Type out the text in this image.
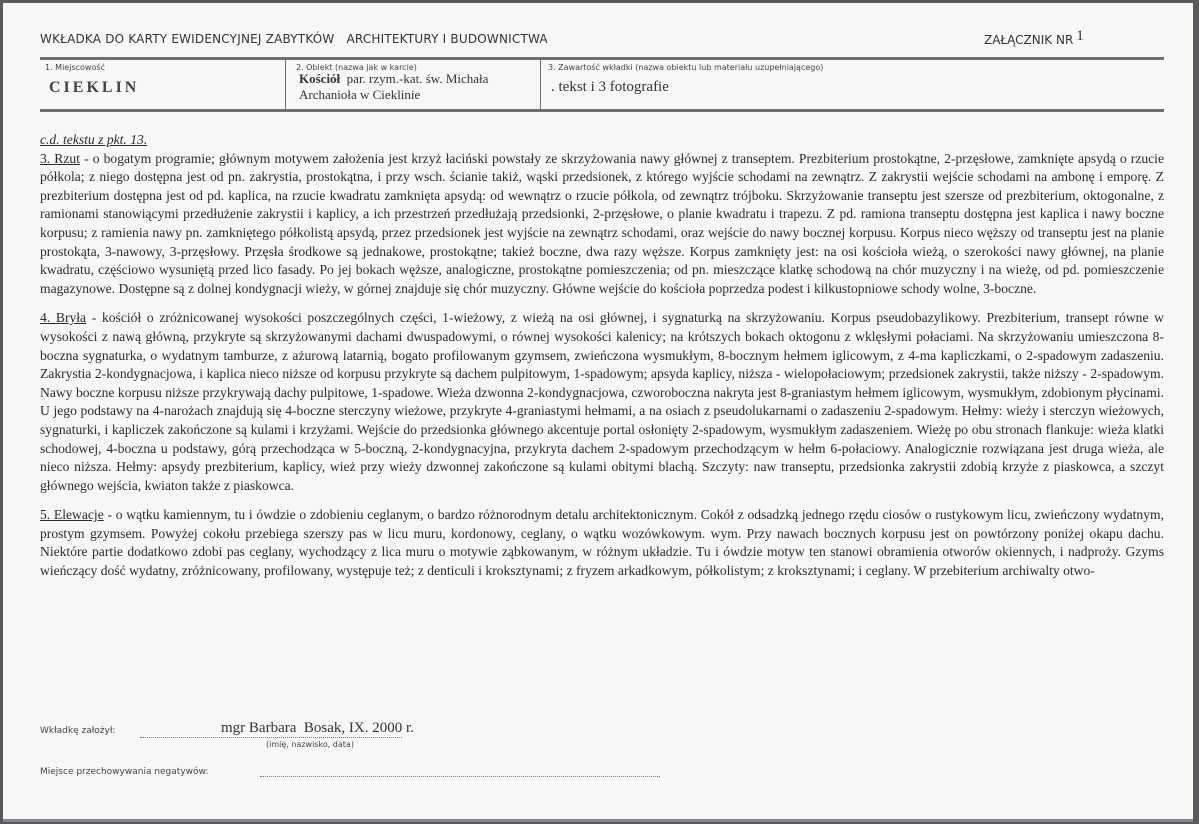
WKŁADKA DO KARTY EWIDENCYJNEJ ZABYTKÓW   ARCHITEKTURY I BUDOWNICTWA	ZAŁĄCZNIK NR 1
1. Miejscowość
CIEKLIN
2. Obiekt (nazwa jak w karcie)
Kościół  par. rzym.-kat. św. Michała
Archanioła w Cieklinie
3. Zawartość wkładki (nazwa obiektu lub materiału uzupełniającego)
. tekst i 3 fotografie

c.d. tekstu z pkt. 13.

3. Rzut - o bogatym programie; głównym motywem założenia jest krzyż łaciński powstały ze skrzyżowania nawy głównej z transeptem. Prezbiterium prostokątne, 2-przęsłowe, zamknięte apsydą o rzucie półkola; z niego dostępna jest od pn. zakrystia, prostokątna, i przy wsch. ścianie takiż, wąski przedsionek, z którego wyjście schodami na zewnątrz. Z zakrystii wejście schodami na ambonę i emporę. Z prezbiterium dostępna jest od pd. kaplica, na rzucie kwadratu zamknięta apsydą: od wewnątrz o rzucie półkola, od zewnątrz trójboku. Skrzyżowanie transeptu jest szersze od prezbiterium, oktogonalne, z ramionami stanowiącymi przedłużenie zakrystii i kaplicy, a ich przestrzeń przedłużają przedsionki, 2-przęsłowe, o planie kwadratu i trapezu. Z pd. ramiona transeptu dostępna jest kaplica i nawy boczne korpusu; z ramienia nawy pn. zamkniętego półkolistą apsydą, przez przedsionek jest wyjście na zewnątrz schodami, oraz wejście do nawy bocznej korpusu. Korpus nieco węższy od transeptu jest na planie prostokąta, 3-nawowy, 3-przęsłowy. Przęsła środkowe są jednakowe, prostokątne; takież boczne, dwa razy węższe. Korpus zamknięty jest: na osi kościoła wieżą, o szerokości nawy głównej, na planie kwadratu, częściowo wysuniętą przed lico fasady. Po jej bokach węższe, analogiczne, prostokątne pomieszczenia; od pn. mieszczące klatkę schodową na chór muzyczny i na wieżę, od pd. pomieszczenie magazynowe. Dostępne są z dolnej kondygnacji wieży, w górnej znajduje się chór muzyczny. Główne wejście do kościoła poprzedza podest i kilkustopniowe schody wolne, 3-boczne.

4. Bryła - kościół o zróżnicowanej wysokości poszczególnych części, 1-wieżowy, z wieżą na osi głównej, i sygnaturką na skrzyżowaniu. Korpus pseudobazylikowy. Prezbiterium, transept równe w wysokości z nawą główną, przykryte są skrzyżowanymi dachami dwuspadowymi, o równej wysokości kalenicy; na krótszych bokach oktogonu z wklęsłymi połaciami. Na skrzyżowaniu umieszczona 8-boczna sygnaturka, o wydatnym tamburze, z ażurową latarnią, bogato profilowanym gzymsem, zwieńczona wysmukłym, 8-bocznym hełmem iglicowym, z 4-ma kapliczkami, o 2-spadowym zadaszeniu. Zakrystia 2-kondygnacjowa, i kaplica nieco niższe od korpusu przykryte są dachem pulpitowym, 1-spadowym; apsyda kaplicy, niższa - wielopołaciowym; przedsionek zakrystii, także niższy - 2-spadowym. Nawy boczne korpusu niższe przykrywają dachy pulpitowe, 1-spadowe. Wieża dzwonna 2-kondygnacjowa, czworoboczna nakryta jest 8-graniastym hełmem iglicowym, wysmukłym, zdobionym płycinami. U jego podstawy na 4-narożach znajdują się 4-boczne sterczyny wieżowe, przykryte 4-graniastymi hełmami, a na osiach z pseudolukarnami o zadaszeniu 2-spadowym. Hełmy: wieży i sterczyn wieżowych, sygnaturki, i kapliczek zakończone są kulami i krzyżami. Wejście do przedsionka głównego akcentuje portal osłonięty 2-spadowym, wysmukłym zadaszeniem. Wieżę po obu stronach flankuje: wieża klatki schodowej, 4-boczna u podstawy, górą przechodząca w 5-boczną, 2-kondygnacyjna, przykryta dachem 2-spadowym przechodzącym w hełm 6-połaciowy. Analogicznie rozwiązana jest druga wieża, ale nieco niższa. Hełmy: apsydy prezbiterium, kaplicy, wież przy wieży dzwonnej zakończone są kulami obitymi blachą. Szczyty: naw transeptu, przedsionka zakrystii zdobią krzyże z piaskowca, a szczyt głównego wejścia, kwiaton także z piaskowca.

5. Elewacje - o wątku kamiennym, tu i ówdzie o zdobieniu ceglanym, o bardzo różnorodnym detalu architektonicznym. Cokół z odsadzką jednego rzędu ciosów o rustykowym licu, zwieńczony wydatnym, prostym gzymsem. Powyżej cokołu przebiega szerszy pas w licu muru, kordonowy, ceglany, o wątku wozówkowym. wym. Przy nawach bocznych korpusu jest on powtórzony poniżej okapu dachu. Niektóre partie dodatkowo zdobi pas ceglany, wychodzący z lica muru o motywie ząbkowanym, w różnym układzie. Tu i ówdzie motyw ten stanowi obramienia otworów okiennych, i nadproży. Gzyms wieńczący dość wydatny, zróżnicowany, profilowany, występuje też; z denticuli i kroksztynami; z fryzem arkadkowym, półkolistym; z kroksztynami; i ceglany. W przebiterium archiwalty otwo-

Wkładkę założył:	mgr Barbara  Bosak, IX. 2000 r.
(imię, nazwisko, data)
Miejsce przechowywania negatywów:
